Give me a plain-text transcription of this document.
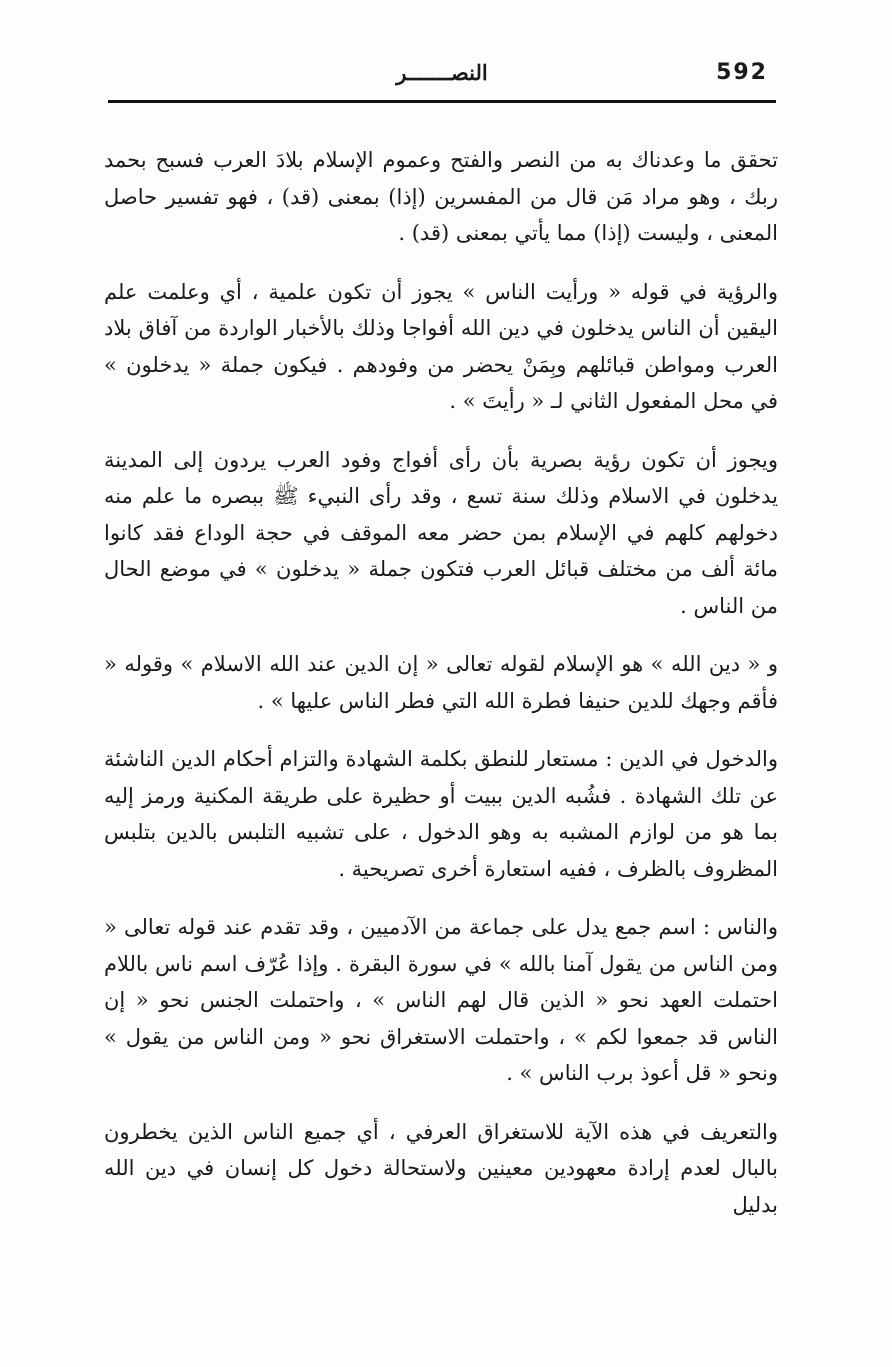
592
النصـــــــر

تحقق ما وعدناك به من النصر والفتح وعموم الإسلام بلادَ العرب فسبح بحمد ربك ، وهو مراد مَن قال من المفسرين (إذا) بمعنى (قد) ، فهو تفسير حاصل المعنى ، وليست (إذا) مما يأتي بمعنى (قد) .

والرؤية في قوله « ورأيت الناس » يجوز أن تكون علمية ، أي وعلمت علم اليقين أن الناس يدخلون في دين الله أفواجا وذلك بالأخبار الواردة من آفاق بلاد العرب ومواطن قبائلهم وبِمَنْ يحضر من وفودهم . فيكون جملة « يدخلون » في محل المفعول الثاني لـ « رأيتَ » .

ويجوز أن تكون رؤية بصرية بأن رأى أفواج وفود العرب يردون إلى المدينة يدخلون في الاسلام وذلك سنة تسع ، وقد رأى النبيء ﷺ ببصره ما علم منه دخولهم كلهم في الإسلام بمن حضر معه الموقف في حجة الوداع فقد كانوا مائة ألف من مختلف قبائل العرب فتكون جملة « يدخلون » في موضع الحال من الناس .

و « دين الله » هو الإسلام لقوله تعالى « إن الدين عند الله الاسلام » وقوله « فأقم وجهك للدين حنيفا فطرة الله التي فطر الناس عليها » .

والدخول في الدين : مستعار للنطق بكلمة الشهادة والتزام أحكام الدين الناشئة عن تلك الشهادة . فشُبه الدين ببيت أو حظيرة على طريقة المكنية ورمز إليه بما هو من لوازم المشبه به وهو الدخول ، على تشبيه التلبس بالدين بتلبس المظروف بالظرف ، ففيه استعارة أخرى تصريحية .

والناس : اسم جمع يدل على جماعة من الآدميين ، وقد تقدم عند قوله تعالى « ومن الناس من يقول آمنا بالله » في سورة البقرة . وإذا عُرّف اسم ناس باللام احتملت العهد نحو « الذين قال لهم الناس » ، واحتملت الجنس نحو « إن الناس قد جمعوا لكم » ، واحتملت الاستغراق نحو « ومن الناس من يقول » ونحو « قل أعوذ برب الناس » .

والتعريف في هذه الآية للاستغراق العرفي ، أي جميع الناس الذين يخطرون بالبال لعدم إرادة معهودين معينين ولاستحالة دخول كل إنسان في دين الله بدليل
